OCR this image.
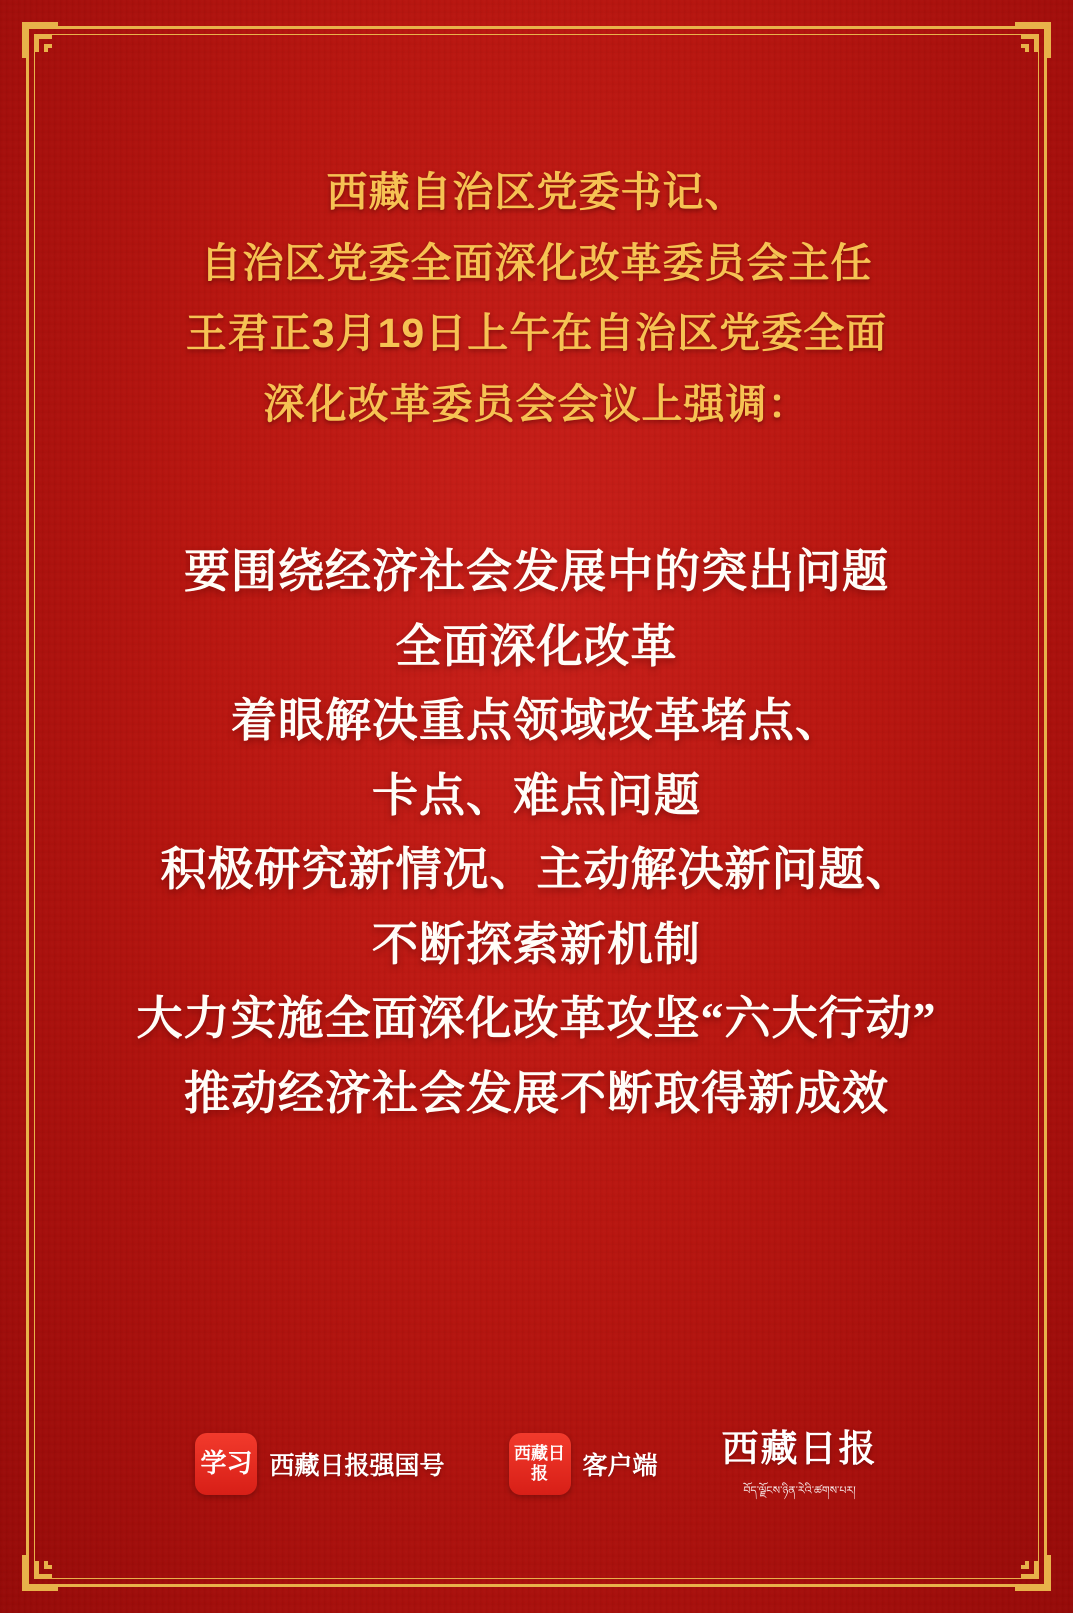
西藏自治区党委书记、
自治区党委全面深化改革委员会主任
王君正3月19日上午在自治区党委全面
深化改革委员会会议上强调：
要围绕经济社会发展中的突出问题
全面深化改革
着眼解决重点领域改革堵点、
卡点、难点问题
积极研究新情况、主动解决新问题、
不断探索新机制
大力实施全面深化改革攻坚“六大行动”
推动经济社会发展不断取得新成效
学习 西藏日报强国号	西藏日报	客户端 西藏日报
བོད་ལྗོངས་ཉིན་རེའི་ཚགས་པར།
